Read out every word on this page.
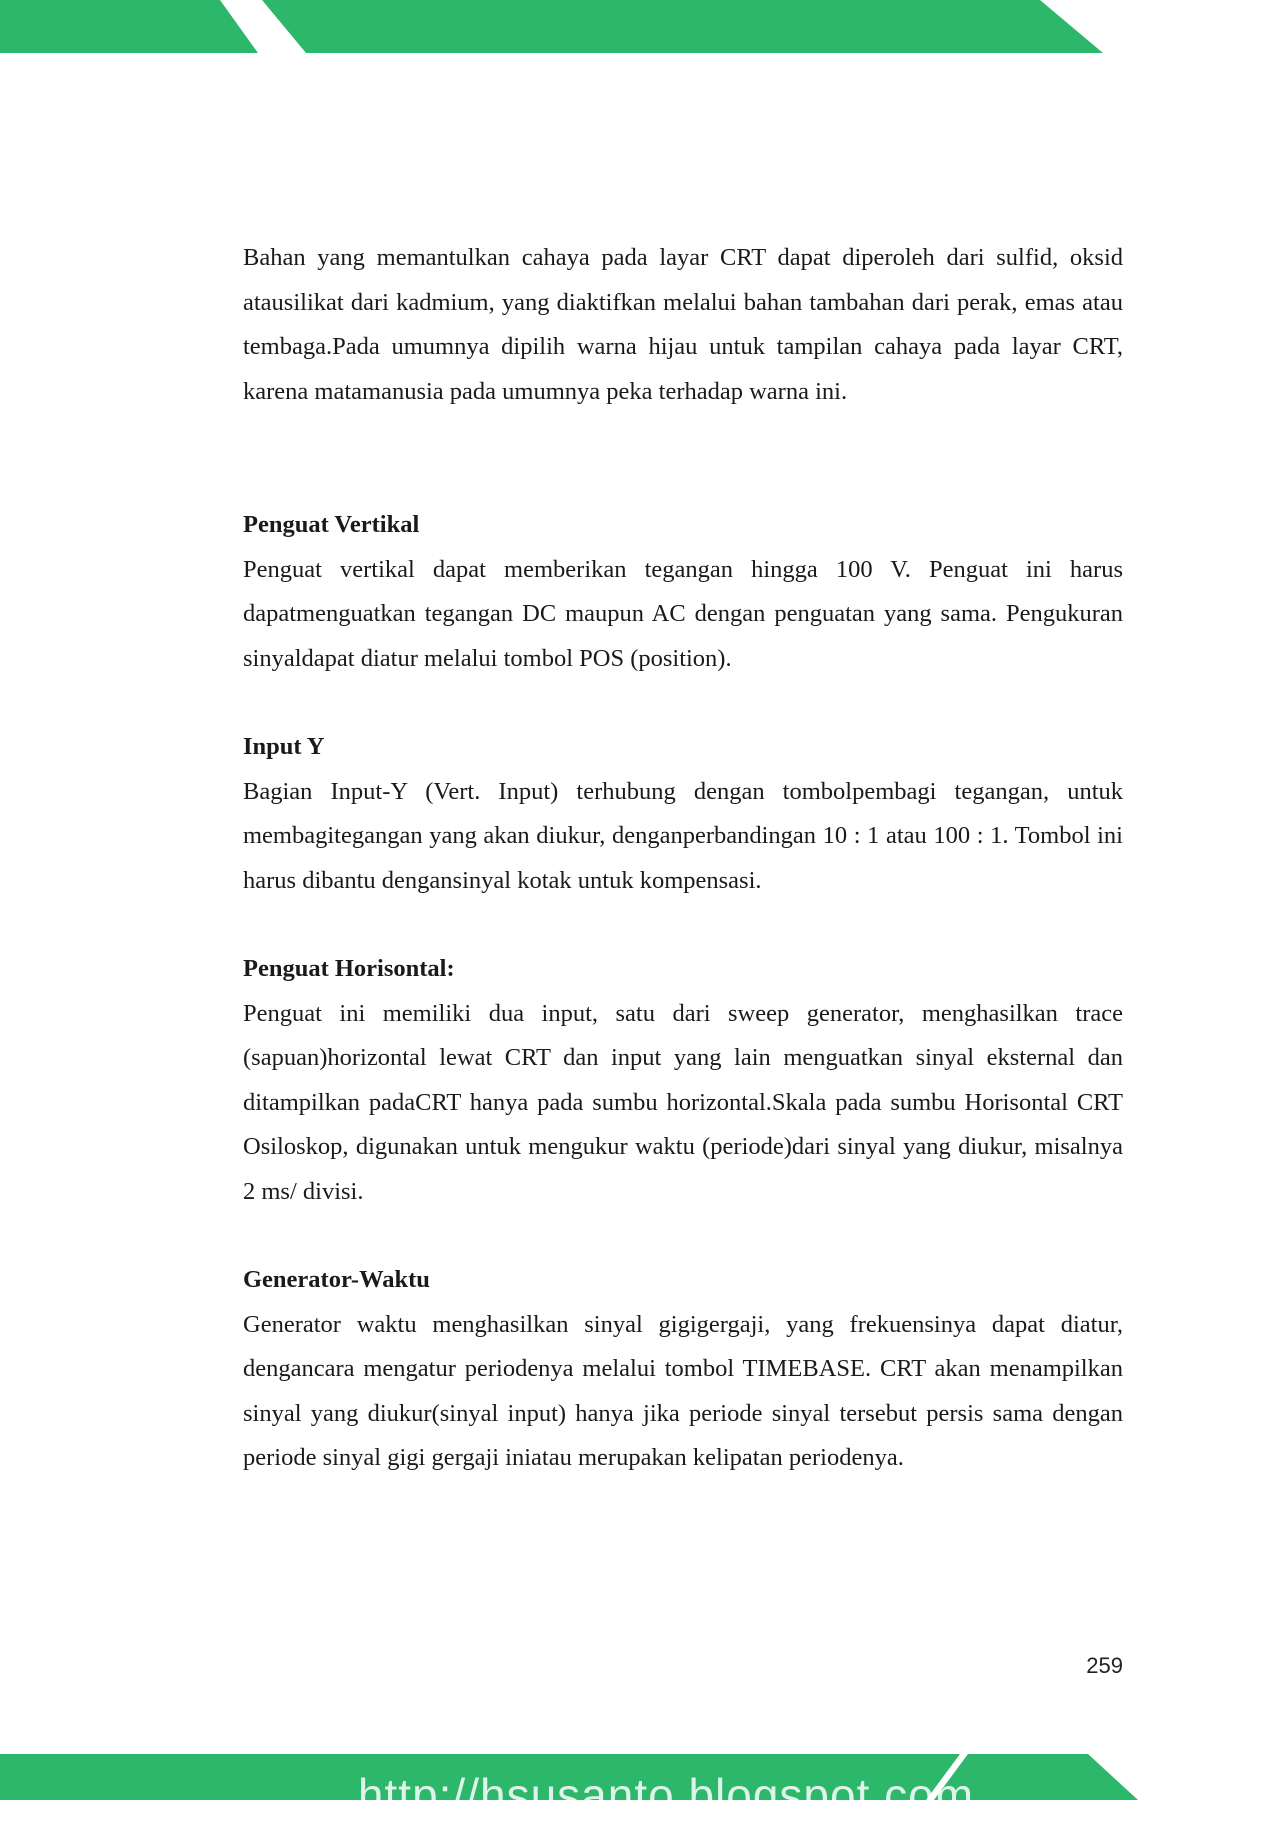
Bahan yang memantulkan cahaya pada layar CRT dapat diperoleh dari sulfid, oksid atausilikat dari kadmium, yang diaktifkan melalui bahan tambahan dari perak, emas atau tembaga.Pada umumnya dipilih warna hijau untuk tampilan cahaya pada layar CRT, karena matamanusia pada umumnya peka terhadap warna ini.

Penguat Vertikal

Penguat vertikal dapat memberikan tegangan hingga 100 V. Penguat ini harus dapatmenguatkan tegangan DC maupun AC dengan penguatan yang sama. Pengukuran sinyaldapat diatur melalui tombol POS (position).

Input Y

Bagian Input-Y (Vert. Input) terhubung dengan tombolpembagi tegangan, untuk membagitegangan yang akan diukur, denganperbandingan 10 : 1 atau 100 : 1. Tombol ini harus dibantu dengansinyal kotak untuk kompensasi.

Penguat Horisontal:

Penguat ini memiliki dua input, satu dari sweep generator, menghasilkan trace (sapuan)horizontal lewat CRT dan input yang lain menguatkan sinyal eksternal dan ditampilkan padaCRT hanya pada sumbu horizontal.Skala pada sumbu Horisontal CRT Osiloskop, digunakan untuk mengukur waktu (periode)dari sinyal yang diukur, misalnya 2 ms/ divisi.

Generator-Waktu

Generator waktu menghasilkan sinyal gigigergaji, yang frekuensinya dapat diatur, dengancara mengatur periodenya melalui tombol TIMEBASE. CRT akan menampilkan sinyal yang diukur(sinyal input) hanya jika periode sinyal tersebut persis sama dengan periode sinyal gigi gergaji iniatau merupakan kelipatan periodenya.

259
http://hsusanto.blogspot.com
